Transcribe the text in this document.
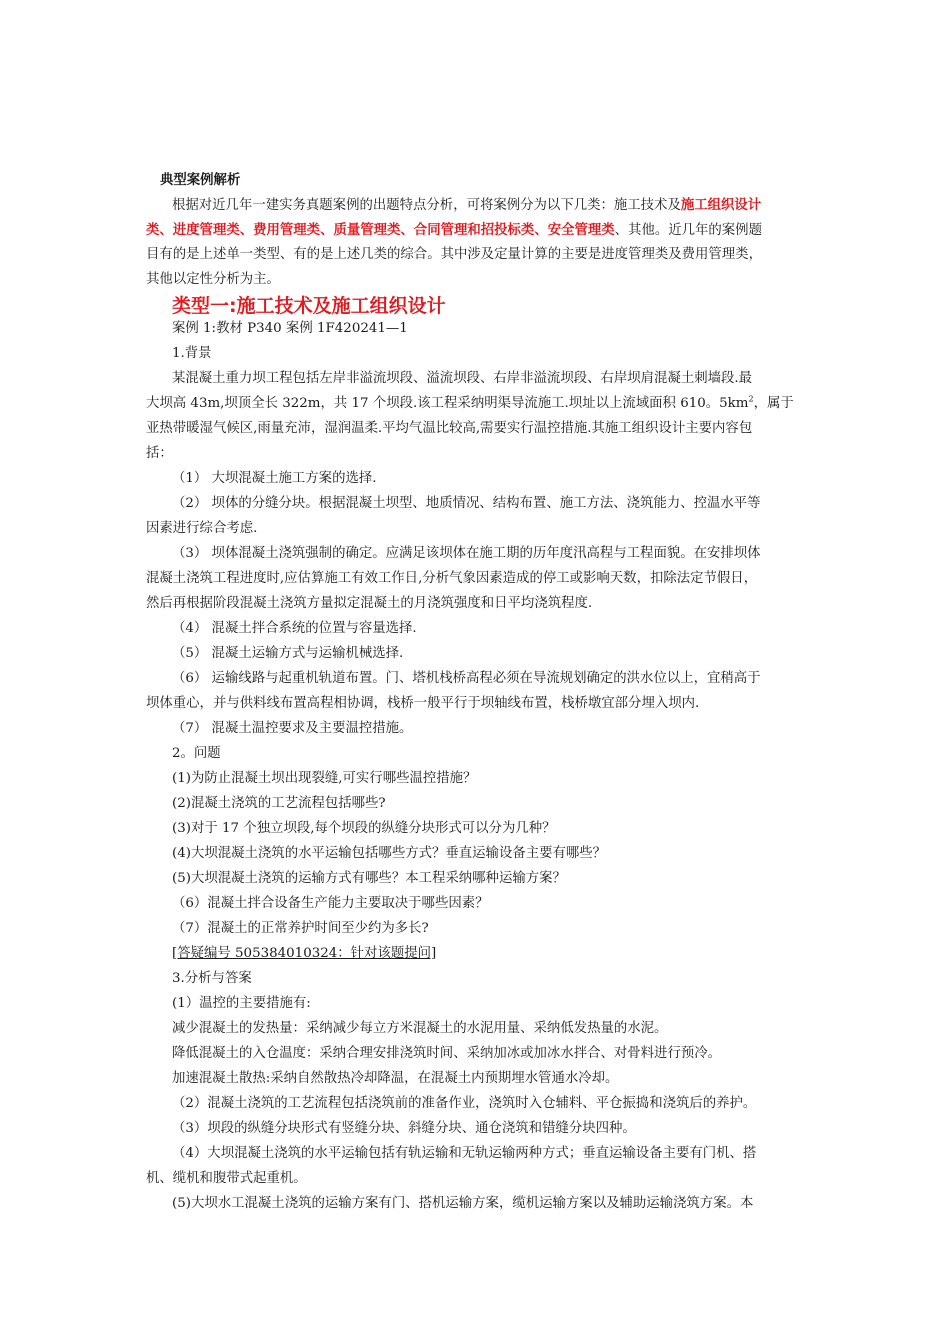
典型案例解析
根据对近几年一建实务真题案例的出题特点分析，可将案例分为以下几类：施工技术及施工组织设计
类、进度管理类、费用管理类、质量管理类、合同管理和招投标类、安全管理类、其他。近几年的案例题
目有的是上述单一类型、有的是上述几类的综合。其中涉及定量计算的主要是进度管理类及费用管理类，
其他以定性分析为主。
类型一:施工技术及施工组织设计
案例 1:教材 P340 案例 1F420241—1
1.背景
某混凝土重力坝工程包括左岸非溢流坝段、溢流坝段、右岸非溢流坝段、右岸坝肩混凝土刺墙段.最
大坝高 43m,坝顶全长 322m，共 17 个坝段.该工程采纳明渠导流施工.坝址以上流域面积 610。$5km^2$，属于
亚热带暖湿气候区,雨量充沛，湿润温柔.平均气温比较高,需要实行温控措施.其施工组织设计主要内容包
括：
（1） 大坝混凝土施工方案的选择.
（2） 坝体的分缝分块。根据混凝土坝型、地质情况、结构布置、施工方法、浇筑能力、控温水平等
因素进行综合考虑.
（3） 坝体混凝土浇筑强制的确定。应满足该坝体在施工期的历年度汛高程与工程面貌。在安排坝体
混凝土浇筑工程进度时,应估算施工有效工作日,分析气象因素造成的停工或影响天数，扣除法定节假日，
然后再根据阶段混凝土浇筑方量拟定混凝土的月浇筑强度和日平均浇筑程度.
（4） 混凝土拌合系统的位置与容量选择.
（5） 混凝土运输方式与运输机械选择.
（6） 运输线路与起重机轨道布置。门、塔机栈桥高程必须在导流规划确定的洪水位以上，宜稍高于
坝体重心，并与供料线布置高程相协调，栈桥一般平行于坝轴线布置，栈桥墩宜部分埋入坝内.
（7） 混凝土温控要求及主要温控措施。
2。问题
(1)为防止混凝土坝出现裂缝,可实行哪些温控措施？
(2)混凝土浇筑的工艺流程包括哪些?
(3)对于 17 个独立坝段,每个坝段的纵缝分块形式可以分为几种？
(4)大坝混凝土浇筑的水平运输包括哪些方式？垂直运输设备主要有哪些？
(5)大坝混凝土浇筑的运输方式有哪些？本工程采纳哪种运输方案？
（6）混凝土拌合设备生产能力主要取决于哪些因素？
（7）混凝土的正常养护时间至少约为多长?
[答疑编号 505384010324：针对该题提问]
3.分析与答案
(1）温控的主要措施有:
减少混凝土的发热量：采纳减少每立方米混凝土的水泥用量、采纳低发热量的水泥。
降低混凝土的入仓温度：采纳合理安排浇筑时间、采纳加冰或加冰水拌合、对骨料进行预冷。
加速混凝土散热:采纳自然散热冷却降温，在混凝土内预期埋水管通水冷却。
（2）混凝土浇筑的工艺流程包括浇筑前的准备作业，浇筑时入仓辅料、平仓振捣和浇筑后的养护。
（3）坝段的纵缝分块形式有竖缝分块、斜缝分块、通仓浇筑和错缝分块四种。
（4）大坝混凝土浇筑的水平运输包括有轨运输和无轨运输两种方式；垂直运输设备主要有门机、搭
机、缆机和腹带式起重机。
(5)大坝水工混凝土浇筑的运输方案有门、搭机运输方案，缆机运输方案以及辅助运输浇筑方案。本
